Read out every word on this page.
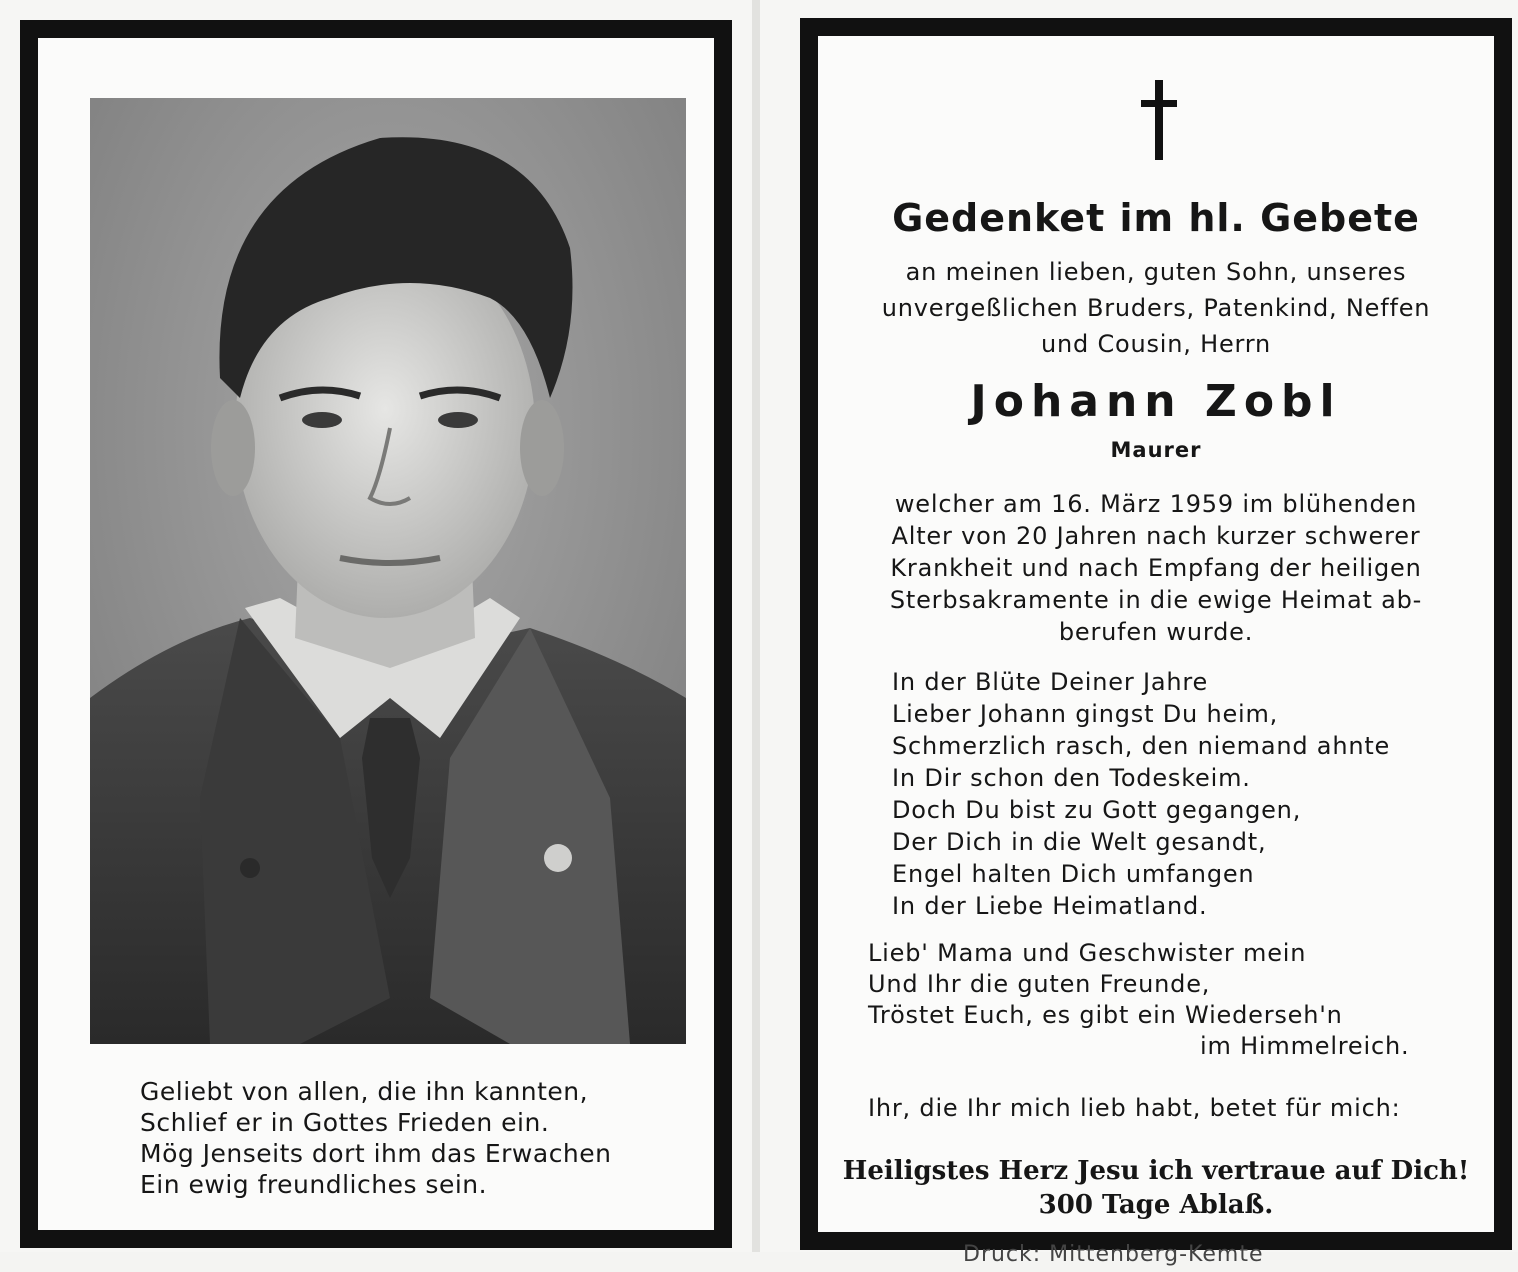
Geliebt von allen, die ihn kannten,
Schlief er in Gottes Frieden ein.
Mög Jenseits dort ihm das Erwachen
Ein ewig freundliches sein.
Gedenket im hl. Gebete
an meinen lieben, guten Sohn, unseres
unvergeßlichen Bruders, Patenkind, Neffen
und Cousin, Herrn
Johann Zobl
Maurer
welcher am 16. März 1959 im blühenden
Alter von 20 Jahren nach kurzer schwerer
Krankheit und nach Empfang der heiligen
Sterbsakramente in die ewige Heimat ab-
berufen wurde.
In der Blüte Deiner Jahre
Lieber Johann gingst Du heim,
Schmerzlich rasch, den niemand ahnte
In Dir schon den Todeskeim.
Doch Du bist zu Gott gegangen,
Der Dich in die Welt gesandt,
Engel halten Dich umfangen
In der Liebe Heimatland.
Lieb' Mama und Geschwister mein
Und Ihr die guten Freunde,
Tröstet Euch, es gibt ein Wiederseh'n
im Himmelreich.
Ihr, die Ihr mich lieb habt, betet für mich:
Heiligstes Herz Jesu ich vertraue auf Dich!
300 Tage Ablaß.
Druck: Mittenberg-Kemte
